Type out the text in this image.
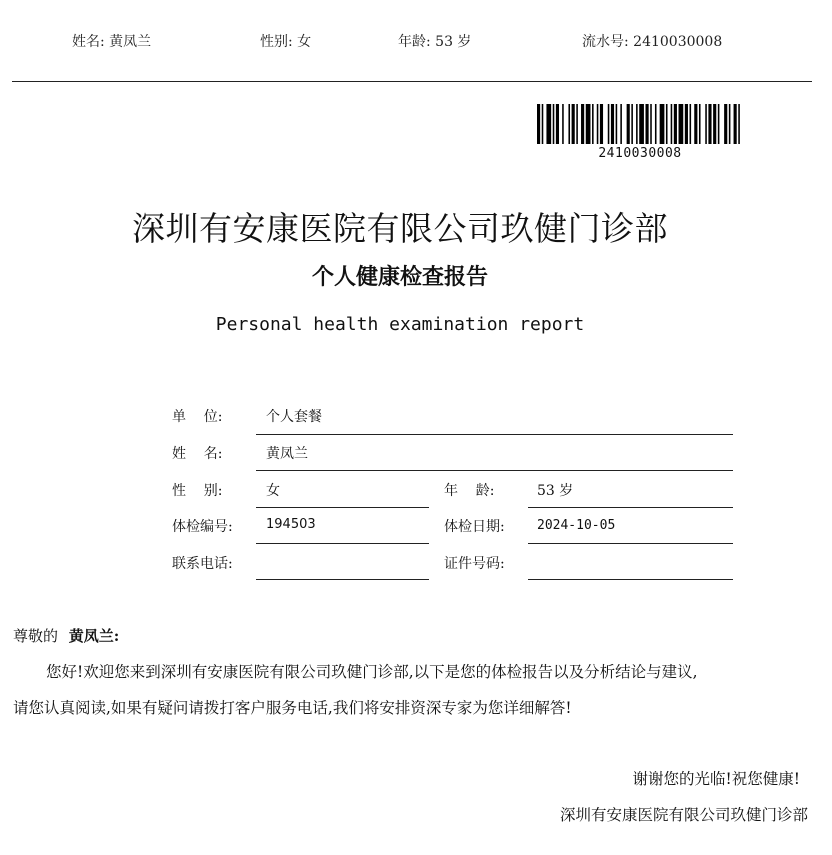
姓名: 黄凤兰	性别: 女	年龄: 53 岁	流水号: 2410030008
2410030008
深圳有安康医院有限公司玖健门诊部
个人健康检查报告
Personal health examination report
单    位:	个人套餐
姓    名:	黄凤兰
性    别:	女	年    龄:	53 岁
体检编号:	194503	体检日期: 2024-10-05
联系电话:	证件号码:
尊敬的 黄凤兰:
您好!欢迎您来到深圳有安康医院有限公司玖健门诊部,以下是您的体检报告以及分析结论与建议,
请您认真阅读,如果有疑问请拨打客户服务电话,我们将安排资深专家为您详细解答!
谢谢您的光临!祝您健康!
深圳有安康医院有限公司玖健门诊部
